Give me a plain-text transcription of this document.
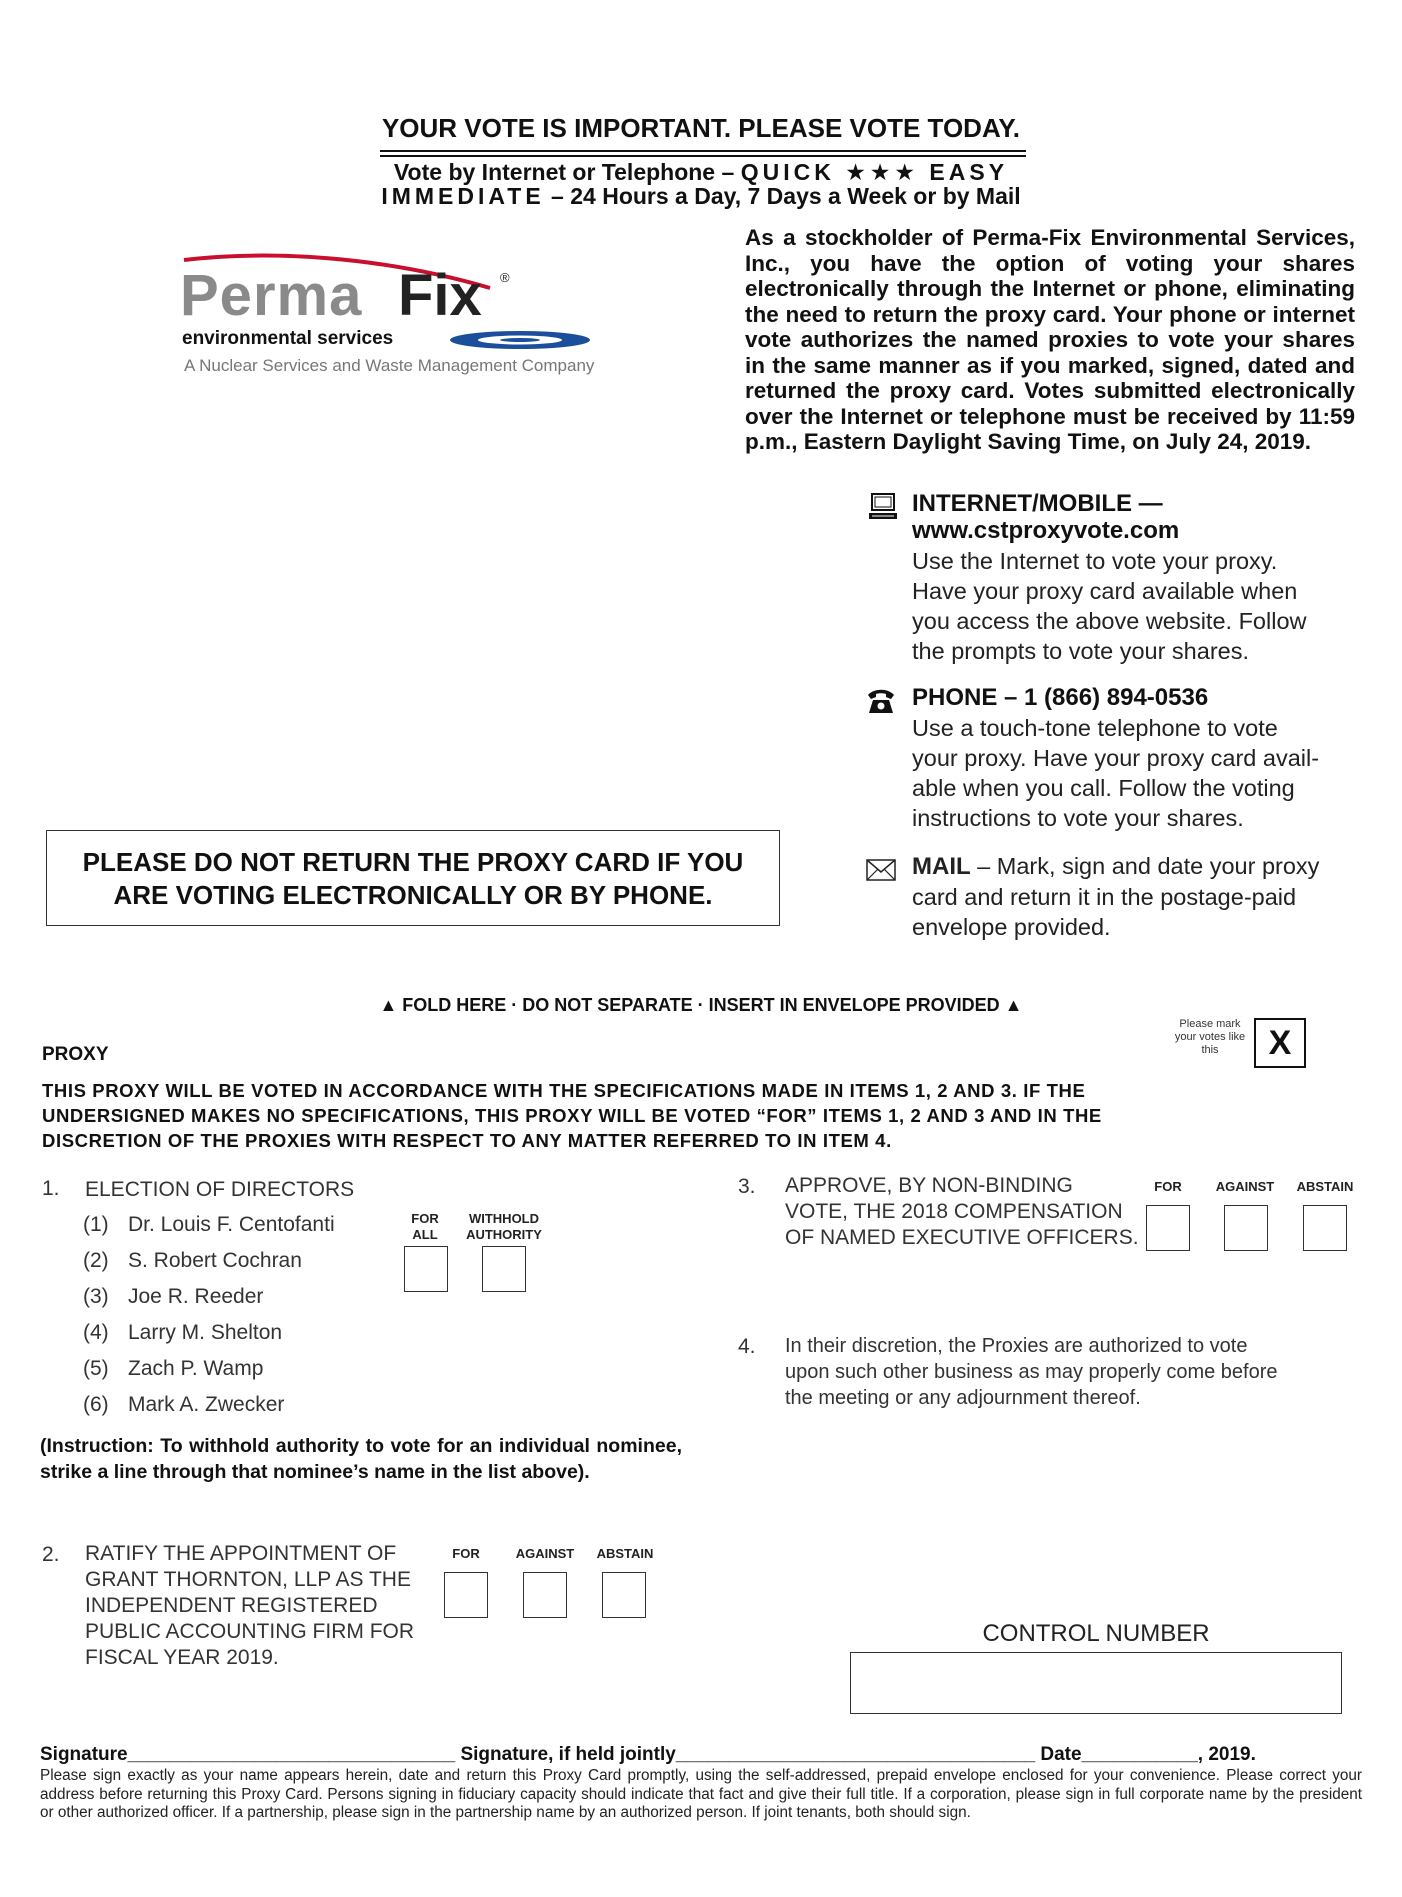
YOUR VOTE IS IMPORTANT. PLEASE VOTE TODAY.
Vote by Internet or Telephone – QUICK ★★★ EASY
IMMEDIATE – 24 Hours a Day, 7 Days a Week or by Mail
Perma Fix ®
environmental services
A Nuclear Services and Waste Management Company
As a stockholder of Perma-Fix Environmental Services, Inc., you have the option of voting your shares electronically through the Internet or phone, eliminating the need to return the proxy card. Your phone or internet vote authorizes the named proxies to vote your shares in the same manner as if you marked, signed, dated and returned the proxy card. Votes submitted electronically over the Internet or telephone must be received by 11:59 p.m., Eastern Daylight Saving Time, on July 24, 2019.
INTERNET/MOBILE —
www.cstproxyvote.com
Use the Internet to vote your proxy.
Have your proxy card available when
you access the above website. Follow
the prompts to vote your shares.
PHONE – 1 (866) 894-0536
Use a touch-tone telephone to vote
your proxy. Have your proxy card avail-
able when you call. Follow the voting
instructions to vote your shares.
MAIL – Mark, sign and date your proxy
card and return it in the postage-paid
envelope provided.
PLEASE DO NOT RETURN THE PROXY CARD IF YOU
ARE VOTING ELECTRONICALLY OR BY PHONE.
▲ FOLD HERE · DO NOT SEPARATE · INSERT IN ENVELOPE PROVIDED ▲
Please mark your votes like this	X
PROXY
THIS PROXY WILL BE VOTED IN ACCORDANCE WITH THE SPECIFICATIONS MADE IN ITEMS 1, 2 AND 3. IF THE UNDERSIGNED MAKES NO SPECIFICATIONS, THIS PROXY WILL BE VOTED “FOR” ITEMS 1, 2 AND 3 AND IN THE DISCRETION OF THE PROXIES WITH RESPECT TO ANY MATTER REFERRED TO IN ITEM 4.
1. ELECTION OF DIRECTORS
FOR
ALL
WITHHOLD
AUTHORITY
(1) Dr. Louis F. Centofanti
(2) S. Robert Cochran
(3) Joe R. Reeder
(4) Larry M. Shelton
(5) Zach P. Wamp
(6) Mark A. Zwecker
(Instruction: To withhold authority to vote for an individual nominee, strike a line through that nominee’s name in the list above).
2. RATIFY THE APPOINTMENT OF
GRANT THORNTON, LLP AS THE
INDEPENDENT REGISTERED
PUBLIC ACCOUNTING FIRM FOR
FISCAL YEAR 2019.
FOR	AGAINST	ABSTAIN
3. APPROVE, BY NON-BINDING
VOTE, THE 2018 COMPENSATION
OF NAMED EXECUTIVE OFFICERS.
FOR	AGAINST	ABSTAIN
4. In their discretion, the Proxies are authorized to vote
upon such other business as may properly come before
the meeting or any adjournment thereof.
CONTROL NUMBER
Signature_______________________________ Signature, if held jointly__________________________________ Date___________, 2019.
Please sign exactly as your name appears herein, date and return this Proxy Card promptly, using the self-addressed, prepaid envelope enclosed for your convenience. Please correct your address before returning this Proxy Card. Persons signing in fiduciary capacity should indicate that fact and give their full title. If a corporation, please sign in full corporate name by the president or other authorized officer. If a partnership, please sign in the partnership name by an authorized person. If joint tenants, both should sign.
